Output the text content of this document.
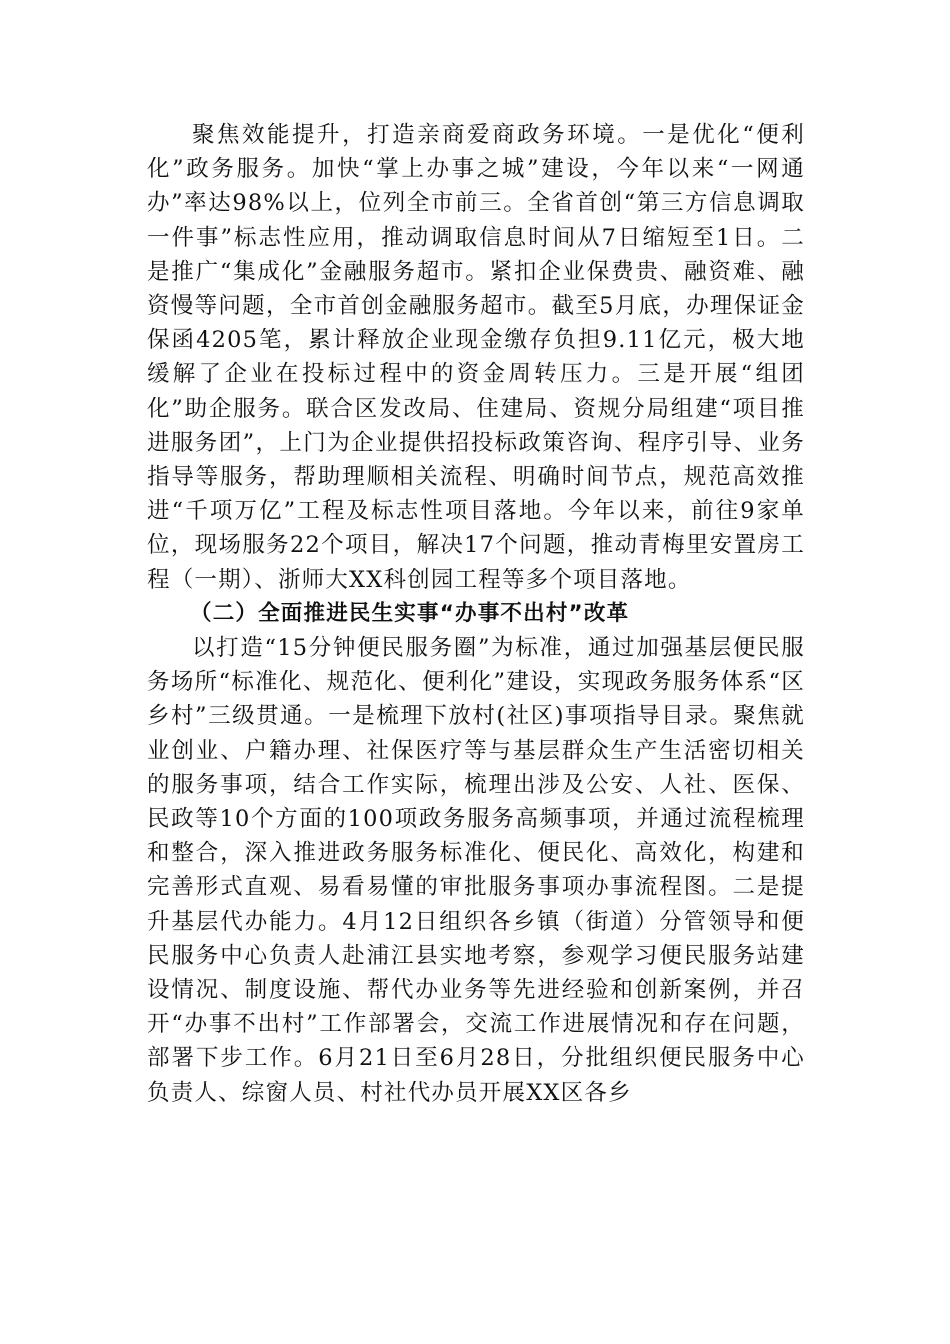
聚焦效能提升，打造亲商爱商政务环境。一是优化“便利化”政务服务。加快“掌上办事之城”建设，今年以来“一网通办”率达98%以上，位列全市前三。全省首创“第三方信息调取一件事”标志性应用，推动调取信息时间从7日缩短至1日。二是推广“集成化”金融服务超市。紧扣企业保费贵、融资难、融资慢等问题，全市首创金融服务超市。截至5月底，办理保证金保函4205笔，累计释放企业现金缴存负担9.11亿元，极大地缓解了企业在投标过程中的资金周转压力。三是开展“组团化”助企服务。联合区发改局、住建局、资规分局组建“项目推进服务团”，上门为企业提供招投标政策咨询、程序引导、业务指导等服务，帮助理顺相关流程、明确时间节点，规范高效推进“千项万亿”工程及标志性项目落地。今年以来，前往9家单位，现场服务22个项目，解决17个问题，推动青梅里安置房工程（一期）、浙师大XX科创园工程等多个项目落地。

（二）全面推进民生实事“办事不出村”改革

以打造“15分钟便民服务圈”为标准，通过加强基层便民服务场所“标准化、规范化、便利化”建设，实现政务服务体系“区乡村”三级贯通。一是梳理下放村(社区)事项指导目录。聚焦就业创业、户籍办理、社保医疗等与基层群众生产生活密切相关的服务事项，结合工作实际，梳理出涉及公安、人社、医保、民政等10个方面的100项政务服务高频事项，并通过流程梳理和整合，深入推进政务服务标准化、便民化、高效化，构建和完善形式直观、易看易懂的审批服务事项办事流程图。二是提升基层代办能力。4月12日组织各乡镇（街道）分管领导和便民服务中心负责人赴浦江县实地考察，参观学习便民服务站建设情况、制度设施、帮代办业务等先进经验和创新案例，并召开“办事不出村”工作部署会，交流工作进展情况和存在问题，部署下步工作。6月21日至6月28日，分批组织便民服务中心负责人、综窗人员、村社代办员开展XX区各乡
